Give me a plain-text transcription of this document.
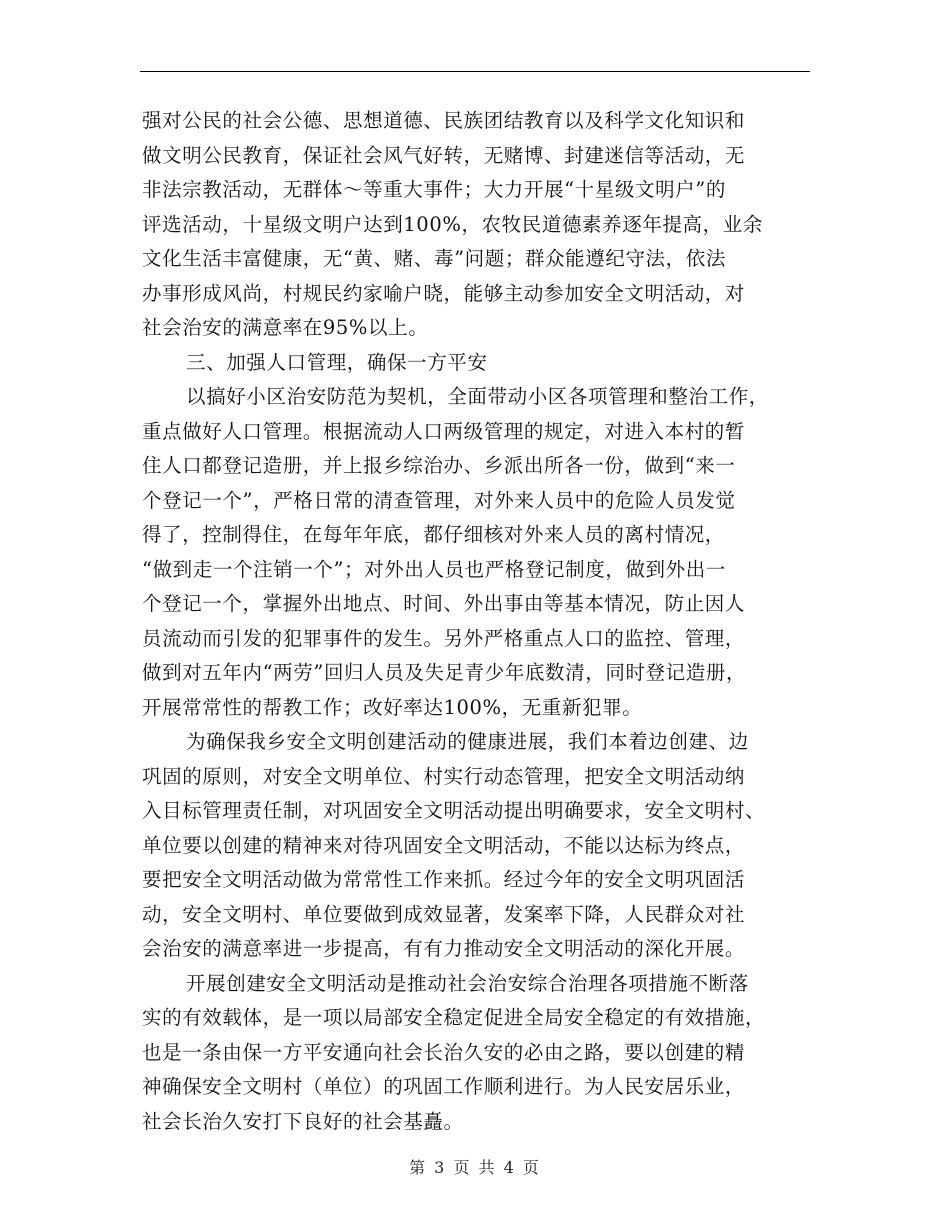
强对公民的社会公德、思想道德、民族团结教育以及科学文化知识和
做文明公民教育，保证社会风气好转，无赌博、封建迷信等活动，无
非法宗教活动，无群体～等重大事件；大力开展“十星级文明户”的
评选活动，十星级文明户达到100%，农牧民道德素养逐年提高，业余
文化生活丰富健康，无“黄、赌、毒”问题；群众能遵纪守法，依法
办事形成风尚，村规民约家喻户晓，能够主动参加安全文明活动，对
社会治安的满意率在95%以上。
三、加强人口管理，确保一方平安
以搞好小区治安防范为契机，全面带动小区各项管理和整治工作，
重点做好人口管理。根据流动人口两级管理的规定，对进入本村的暂
住人口都登记造册，并上报乡综治办、乡派出所各一份，做到“来一
个登记一个”，严格日常的清查管理，对外来人员中的危险人员发觉
得了，控制得住，在每年年底，都仔细核对外来人员的离村情况，
“做到走一个注销一个”；对外出人员也严格登记制度，做到外出一
个登记一个，掌握外出地点、时间、外出事由等基本情况，防止因人
员流动而引发的犯罪事件的发生。另外严格重点人口的监控、管理，
做到对五年内“两劳”回归人员及失足青少年底数清，同时登记造册，
开展常常性的帮教工作；改好率达100%，无重新犯罪。
为确保我乡安全文明创建活动的健康进展，我们本着边创建、边
巩固的原则，对安全文明单位、村实行动态管理，把安全文明活动纳
入目标管理责任制，对巩固安全文明活动提出明确要求，安全文明村、
单位要以创建的精神来对待巩固安全文明活动，不能以达标为终点，
要把安全文明活动做为常常性工作来抓。经过今年的安全文明巩固活
动，安全文明村、单位要做到成效显著，发案率下降，人民群众对社
会治安的满意率进一步提高，有有力推动安全文明活动的深化开展。
开展创建安全文明活动是推动社会治安综合治理各项措施不断落
实的有效载体，是一项以局部安全稳定促进全局安全稳定的有效措施，
也是一条由保一方平安通向社会长治久安的必由之路，要以创建的精
神确保安全文明村（单位）的巩固工作顺利进行。为人民安居乐业，
社会长治久安打下良好的社会基矗。
第 3 页 共 4 页
